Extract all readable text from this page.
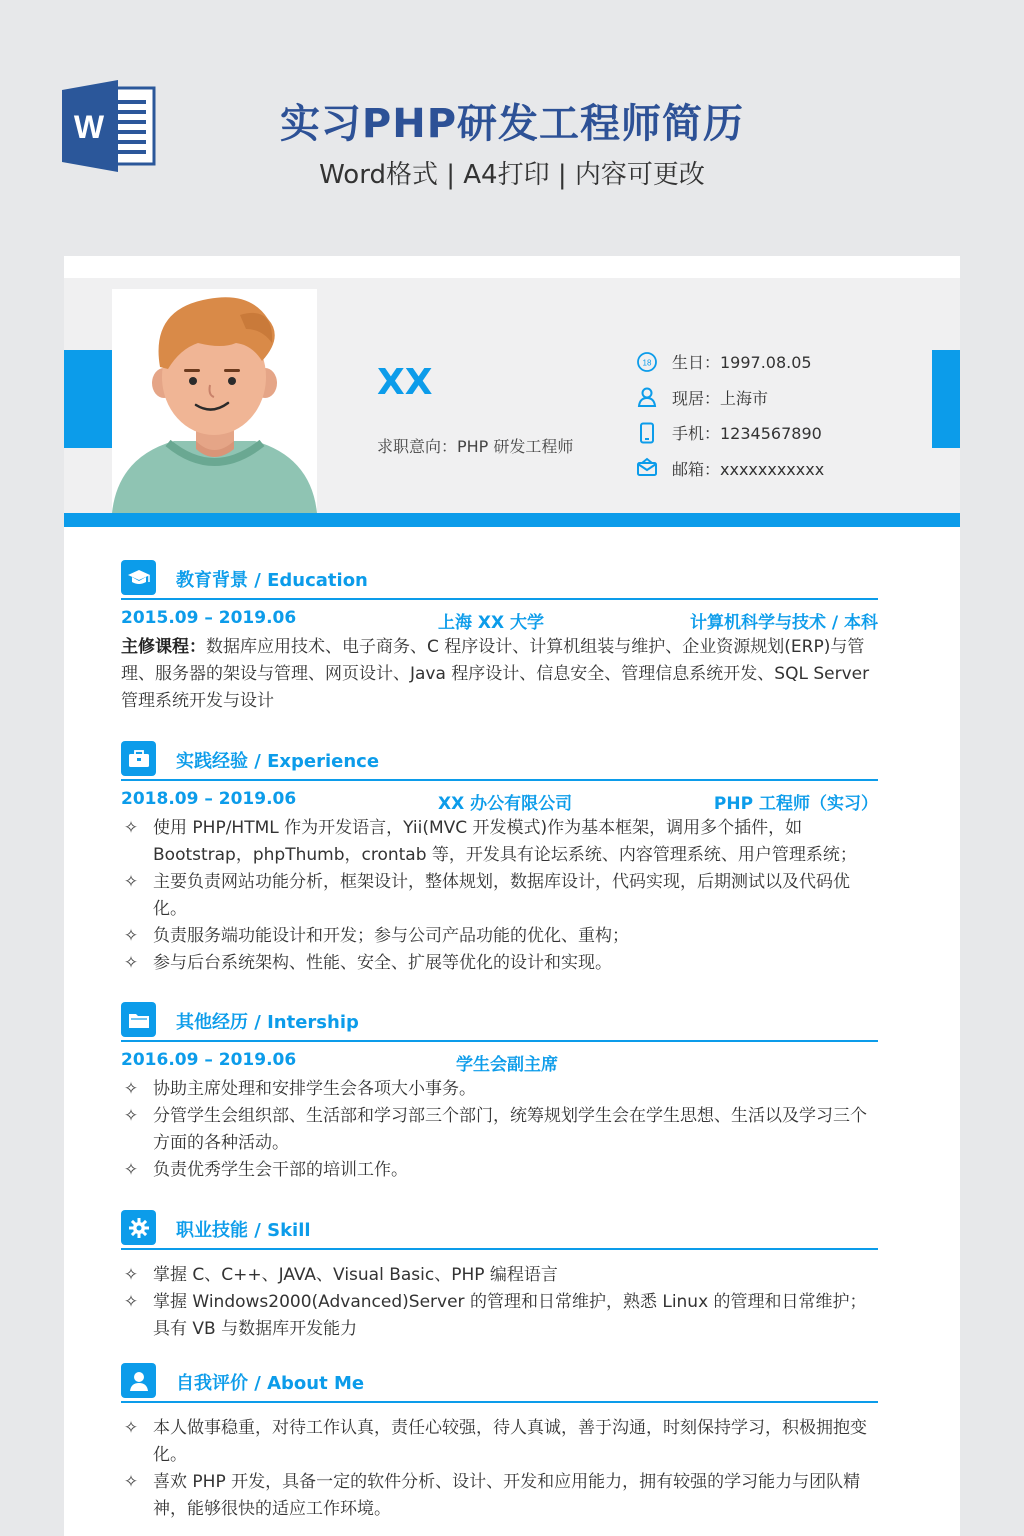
W	实习PHP研发工程师简历
Word格式 | A4打印 | 内容可更改
XX
求职意向：PHP 研发工程师
18 生日：1997.08.05
现居：上海市
手机：1234567890
邮箱：xxxxxxxxxxx
教育背景 / Education
2015.09 – 2019.06	上海 XX 大学	计算机科学与技术 / 本科
主修课程：数据库应用技术、电子商务、C 程序设计、计算机组装与维护、企业资源规划(ERP)与管理、服务器的架设与管理、网页设计、Java 程序设计、信息安全、管理信息系统开发、SQL Server 管理系统开发与设计
实践经验 / Experience
2018.09 – 2019.06	XX 办公有限公司	PHP 工程师（实习）
✧ 使用 PHP/HTML 作为开发语言，Yii(MVC 开发模式)作为基本框架，调用多个插件，如 Bootstrap，phpThumb，crontab 等，开发具有论坛系统、内容管理系统、用户管理系统；
✧ 主要负责网站功能分析，框架设计，整体规划，数据库设计，代码实现，后期测试以及代码优化。
✧ 负责服务端功能设计和开发；参与公司产品功能的优化、重构；
✧ 参与后台系统架构、性能、安全、扩展等优化的设计和实现。
其他经历 / Intership
2016.09 – 2019.06	学生会副主席
✧ 协助主席处理和安排学生会各项大小事务。
✧ 分管学生会组织部、生活部和学习部三个部门，统筹规划学生会在学生思想、生活以及学习三个方面的各种活动。
✧ 负责优秀学生会干部的培训工作。
职业技能 / Skill
✧ 掌握 C、C++、JAVA、Visual Basic、PHP 编程语言
✧ 掌握 Windows2000(Advanced)Server 的管理和日常维护，熟悉 Linux 的管理和日常维护；具有 VB 与数据库开发能力
自我评价 / About Me
✧ 本人做事稳重，对待工作认真，责任心较强，待人真诚，善于沟通，时刻保持学习，积极拥抱变化。
✧ 喜欢 PHP 开发，具备一定的软件分析、设计、开发和应用能力，拥有较强的学习能力与团队精神，能够很快的适应工作环境。
